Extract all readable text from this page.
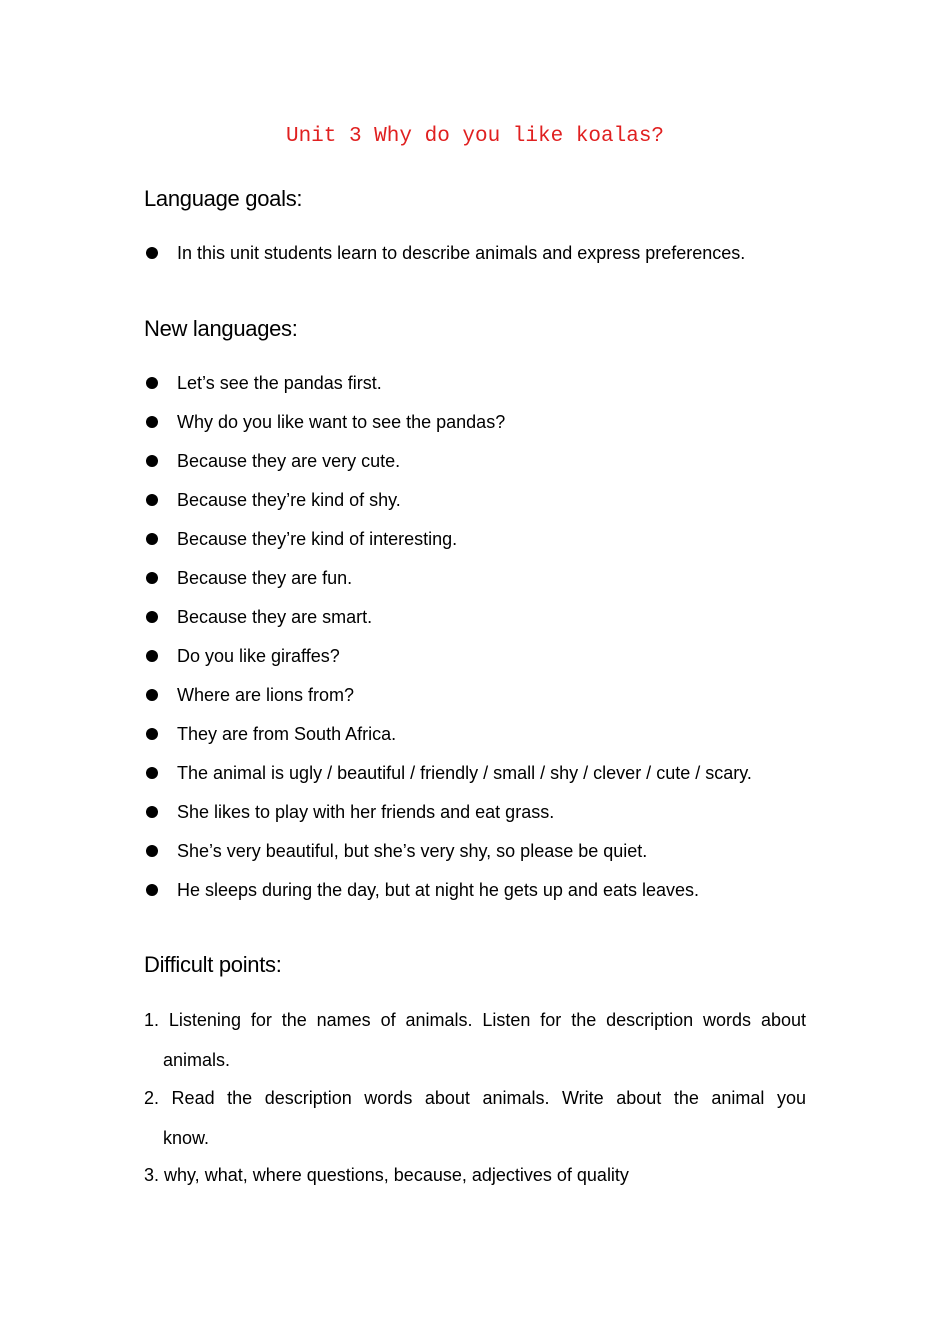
Unit 3 Why do you like koalas?
Language goals:
In this unit students learn to describe animals and express preferences.
New languages:
Let’s see the pandas first.
Why do you like want to see the pandas?
Because they are very cute.
Because they’re kind of shy.
Because they’re kind of interesting.
Because they are fun.
Because they are smart.
Do you like giraffes?
Where are lions from?
They are from South Africa.
The animal is ugly / beautiful / friendly / small / shy / clever / cute / scary.
She likes to play with her friends and eat grass.
She’s very beautiful, but she’s very shy, so please be quiet.
He sleeps during the day, but at night he gets up and eats leaves.
Difficult points:
1. Listening for the names of animals. Listen for the description words about
animals.
2. Read the description words about animals. Write about the animal you
know.
3. why, what, where questions, because, adjectives of quality
